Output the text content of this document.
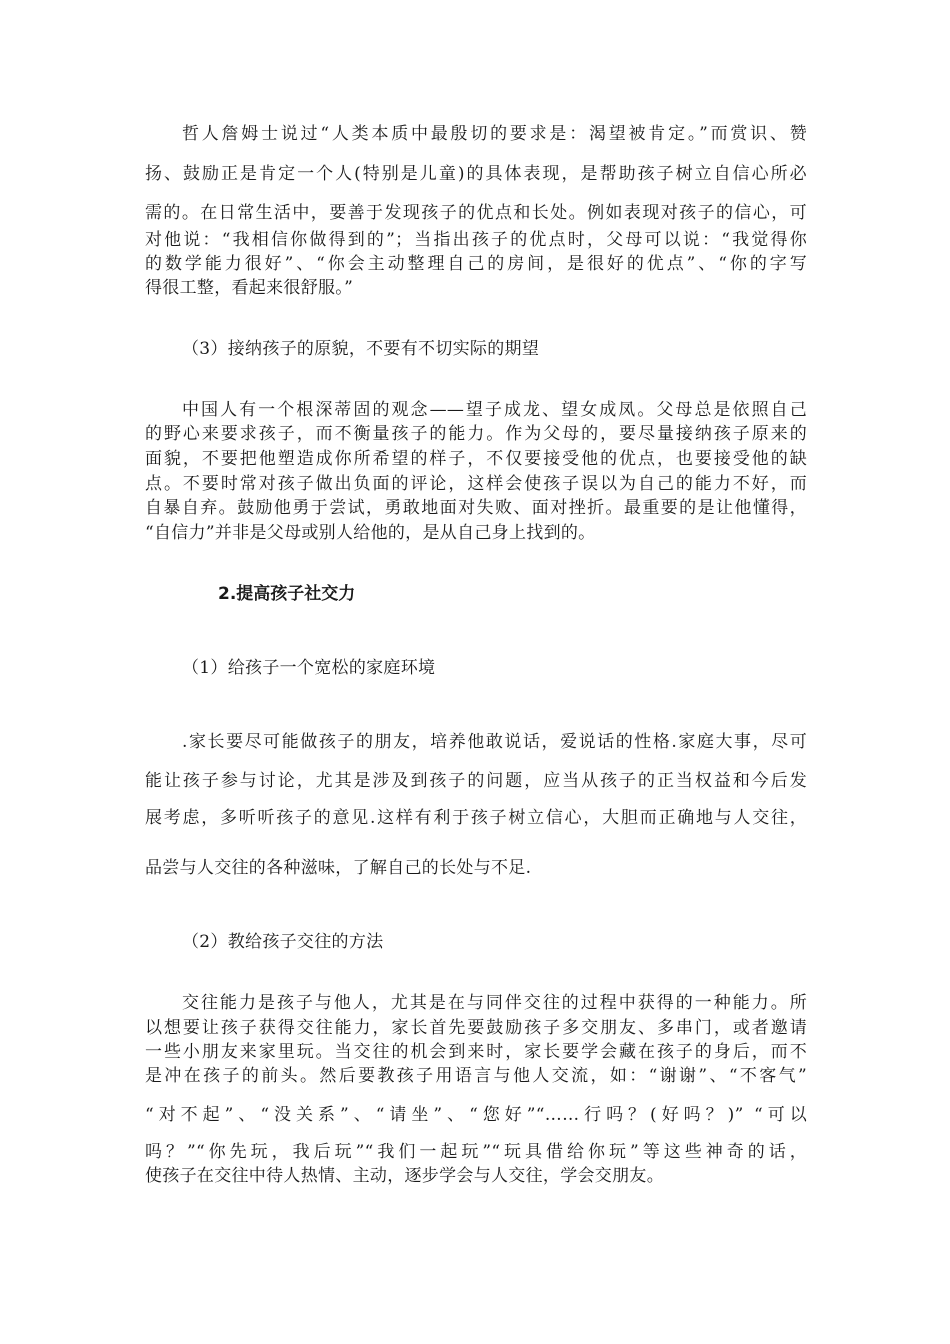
哲人詹姆士说过“人类本质中最殷切的要求是：渴望被肯定。”而赏识、赞
扬、鼓励正是肯定一个人(特别是儿童)的具体表现，是帮助孩子树立自信心所必
需的。在日常生活中，要善于发现孩子的优点和长处。例如表现对孩子的信心，可
对他说：“我相信你做得到的”；当指出孩子的优点时，父母可以说：“我觉得你
的数学能力很好”、“你会主动整理自己的房间，是很好的优点”、“你的字写
得很工整，看起来很舒服。”
（3）接纳孩子的原貌，不要有不切实际的期望
中国人有一个根深蒂固的观念——望子成龙、望女成凤。父母总是依照自己
的野心来要求孩子，而不衡量孩子的能力。作为父母的，要尽量接纳孩子原来的
面貌，不要把他塑造成你所希望的样子，不仅要接受他的优点，也要接受他的缺
点。不要时常对孩子做出负面的评论，这样会使孩子误以为自己的能力不好，而
自暴自弃。鼓励他勇于尝试，勇敢地面对失败、面对挫折。最重要的是让他懂得，
“自信力”并非是父母或别人给他的，是从自己身上找到的。
2.提高孩子社交力
（1）给孩子一个宽松的家庭环境
.家长要尽可能做孩子的朋友，培养他敢说话，爱说话的性格.家庭大事，尽可
能让孩子参与讨论，尤其是涉及到孩子的问题，应当从孩子的正当权益和今后发
展考虑，多听听孩子的意见.这样有利于孩子树立信心，大胆而正确地与人交往，
品尝与人交往的各种滋味，了解自己的长处与不足.
（2）教给孩子交往的方法
交往能力是孩子与他人，尤其是在与同伴交往的过程中获得的一种能力。所
以想要让孩子获得交往能力，家长首先要鼓励孩子多交朋友、多串门，或者邀请
一些小朋友来家里玩。当交往的机会到来时，家长要学会藏在孩子的身后，而不
是冲在孩子的前头。然后要教孩子用语言与他人交流，如：“谢谢”、“不客气”
“对不起”、“没关系”、“请坐”、“您好”“……行吗？(好吗？)” “可以
吗？”“你先玩，我后玩”“我们一起玩”“玩具借给你玩”等这些神奇的话，
使孩子在交往中待人热情、主动，逐步学会与人交往，学会交朋友。
